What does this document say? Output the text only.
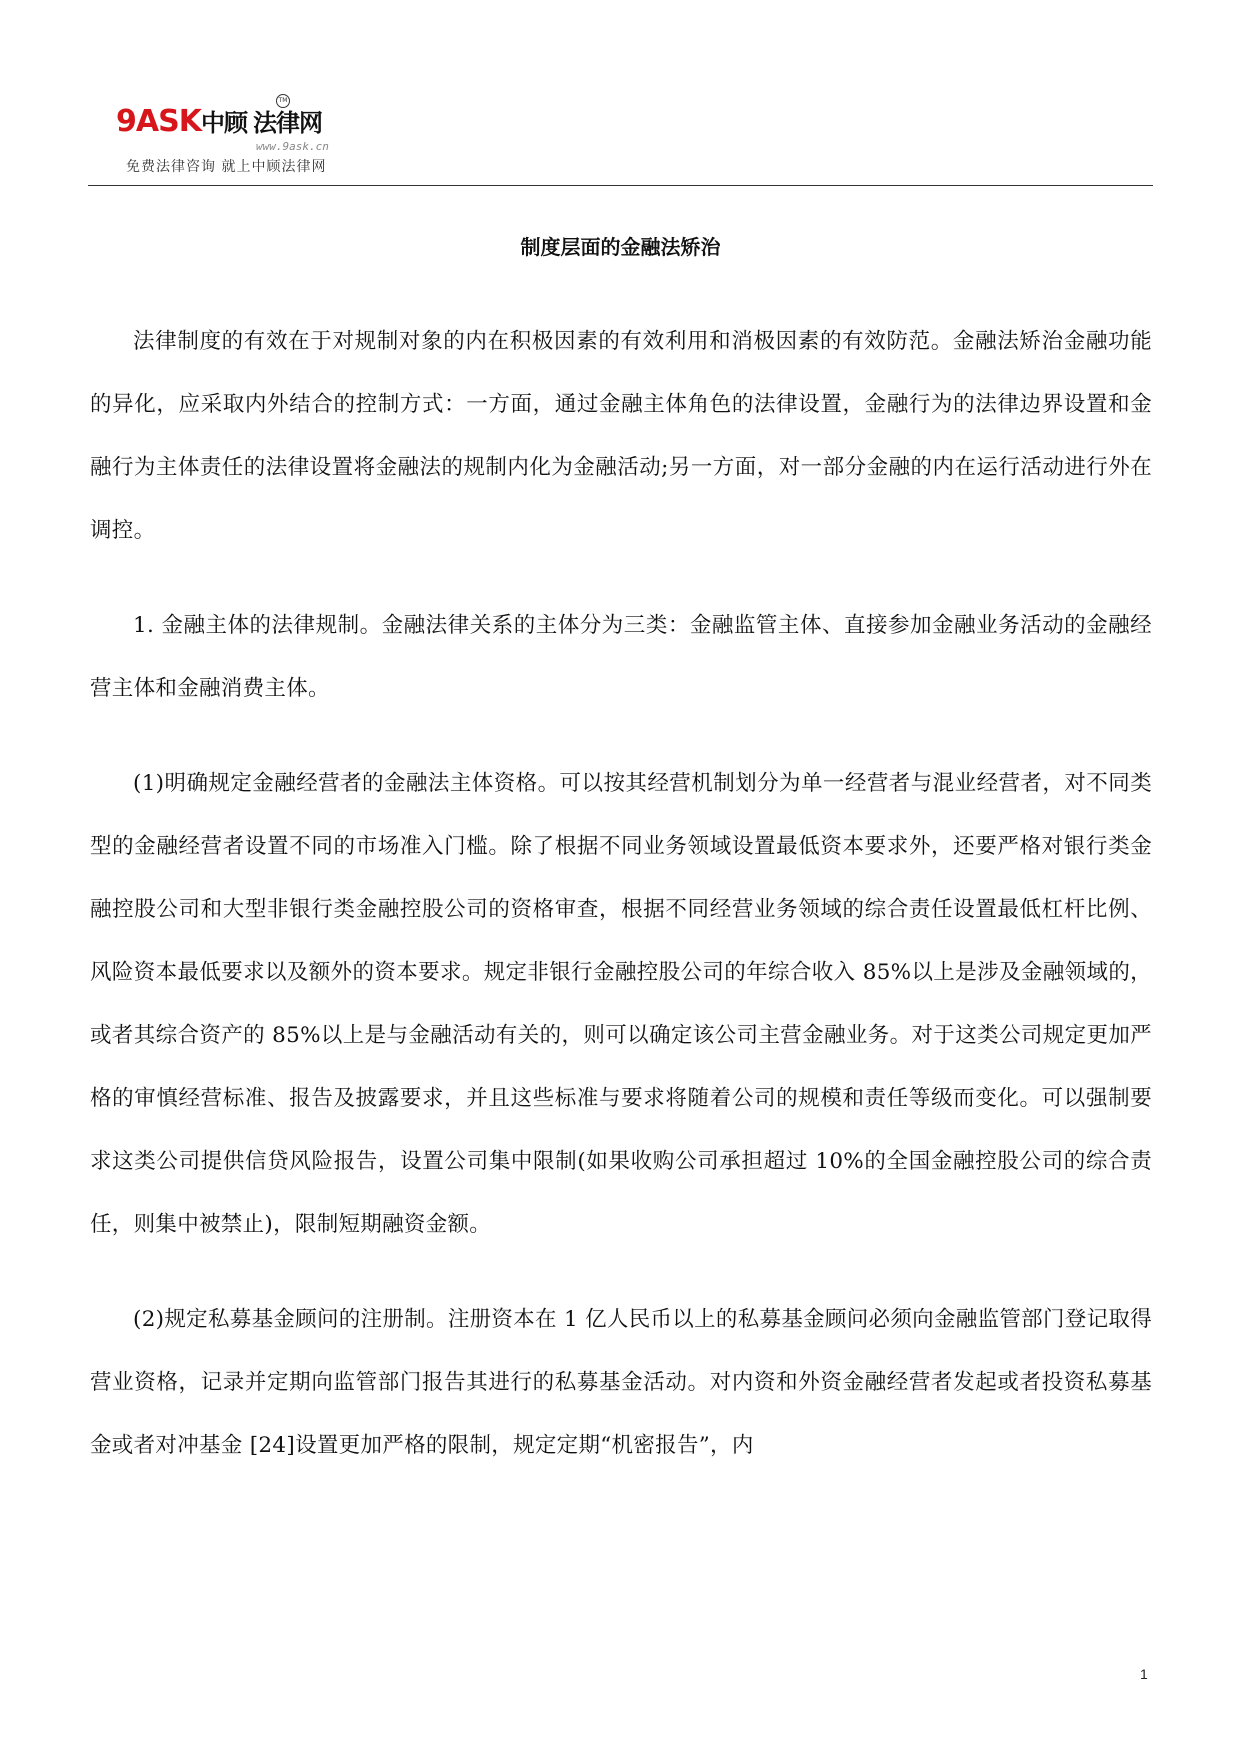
9ASK中顾 法律网
TM
www.9ask.cn
免费法律咨询 就上中顾法律网
制度层面的金融法矫治

法律制度的有效在于对规制对象的内在积极因素的有效利用和消极因素的有效防范。金融法矫治金融功能的异化，应采取内外结合的控制方式：一方面，通过金融主体角色的法律设置，金融行为的法律边界设置和金融行为主体责任的法律设置将金融法的规制内化为金融活动;另一方面，对一部分金融的内在运行活动进行外在调控。

1. 金融主体的法律规制。金融法律关系的主体分为三类：金融监管主体、直接参加金融业务活动的金融经营主体和金融消费主体。

(1)明确规定金融经营者的金融法主体资格。可以按其经营机制划分为单一经营者与混业经营者，对不同类型的金融经营者设置不同的市场准入门槛。除了根据不同业务领域设置最低资本要求外，还要严格对银行类金融控股公司和大型非银行类金融控股公司的资格审查，根据不同经营业务领域的综合责任设置最低杠杆比例、风险资本最低要求以及额外的资本要求。规定非银行金融控股公司的年综合收入 85%以上是涉及金融领域的，或者其综合资产的 85%以上是与金融活动有关的，则可以确定该公司主营金融业务。对于这类公司规定更加严格的审慎经营标准、报告及披露要求，并且这些标准与要求将随着公司的规模和责任等级而变化。可以强制要求这类公司提供信贷风险报告，设置公司集中限制(如果收购公司承担超过 10%的全国金融控股公司的综合责任，则集中被禁止)，限制短期融资金额。

(2)规定私募基金顾问的注册制。注册资本在 1 亿人民币以上的私募基金顾问必须向金融监管部门登记取得营业资格，记录并定期向监管部门报告其进行的私募基金活动。对内资和外资金融经营者发起或者投资私募基金或者对冲基金 [24]设置更加严格的限制，规定定期“机密报告”，内

1
